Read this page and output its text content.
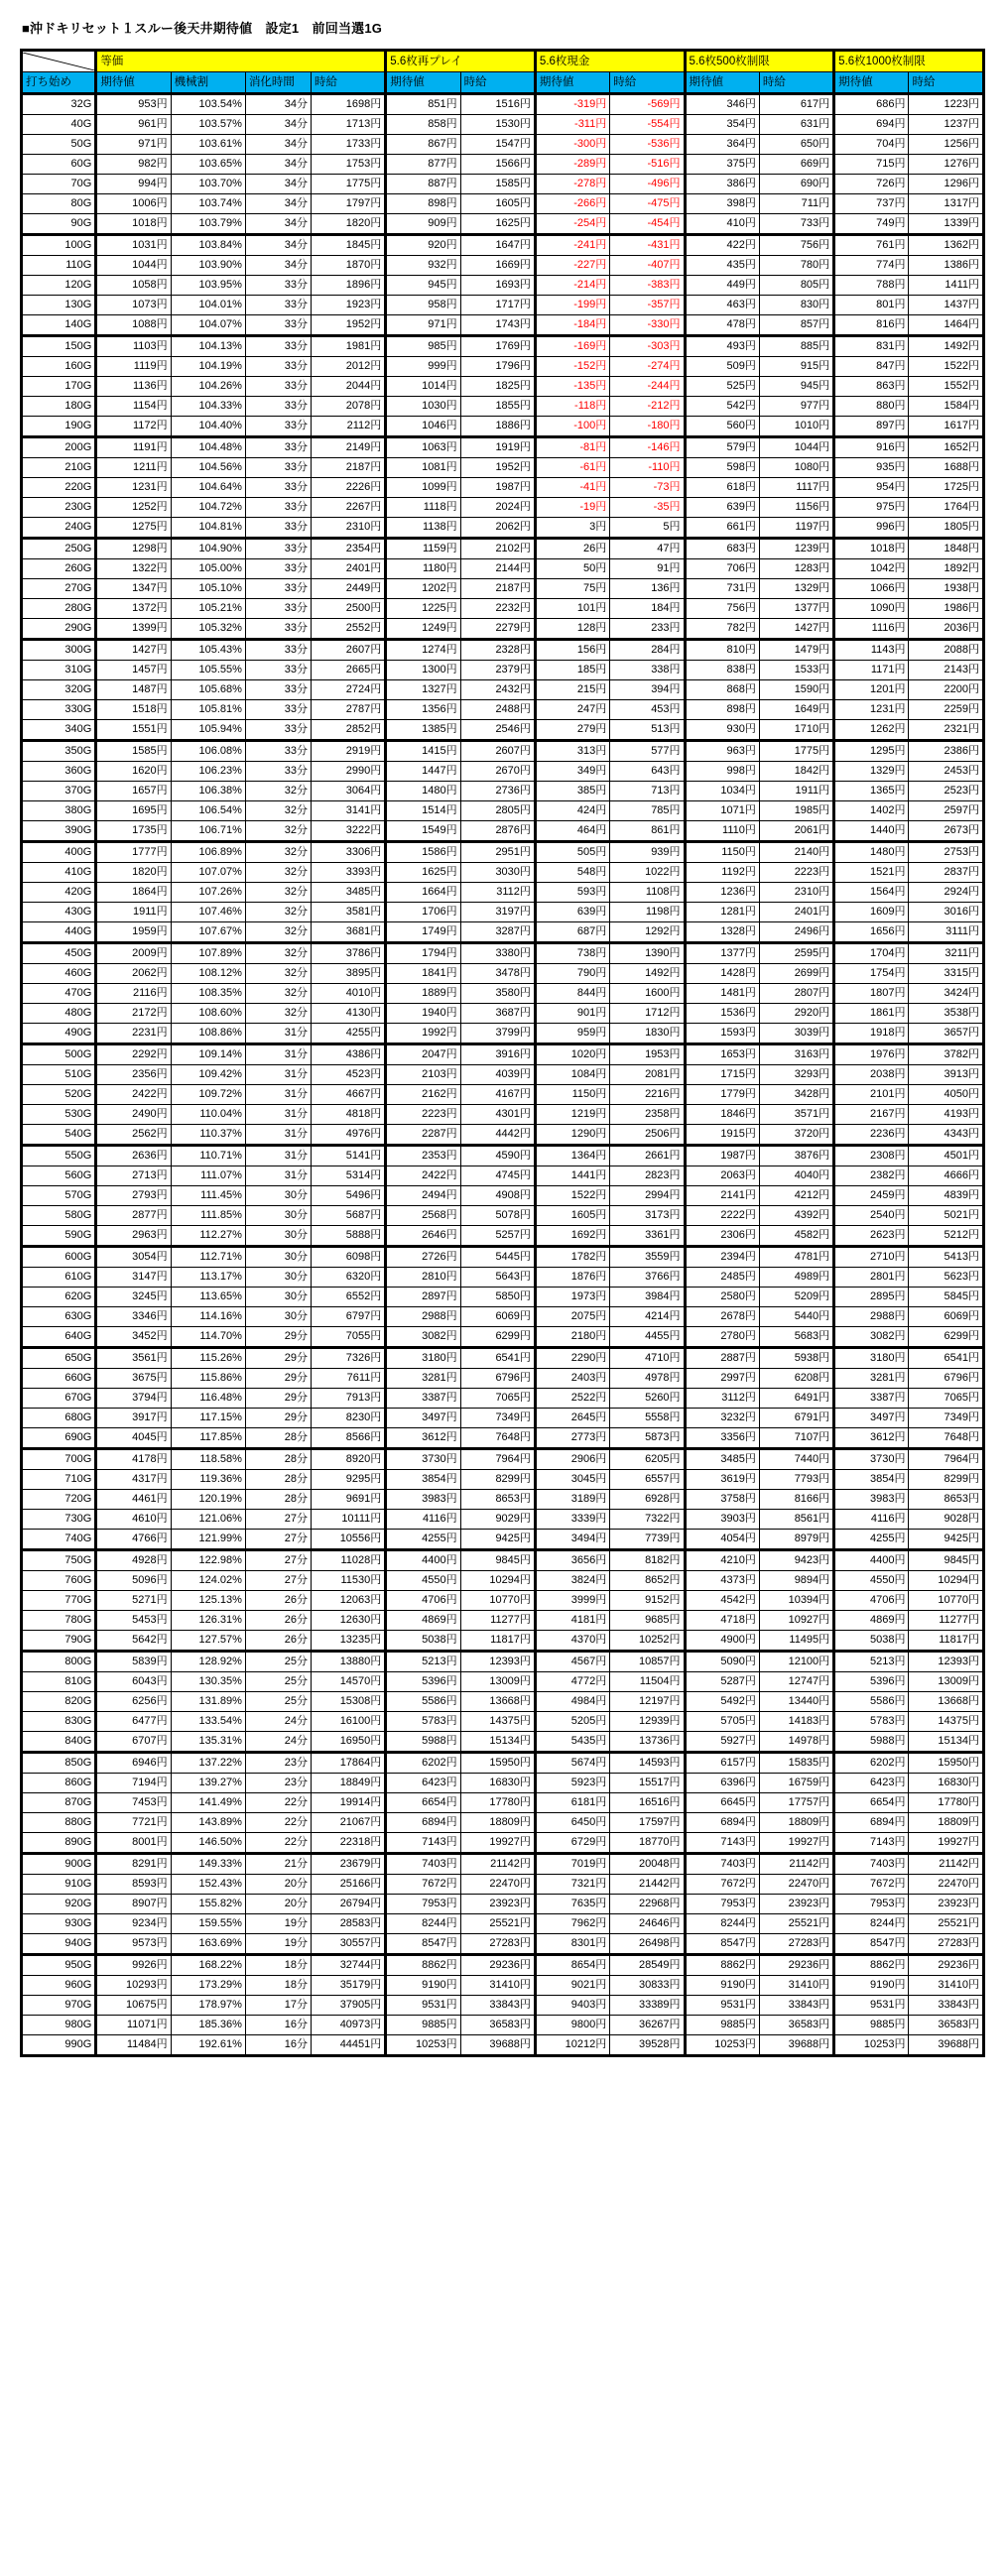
■沖ドキリセット１スルー後天井期待値　設定1　前回当選1G
	等価				5.6枚再プレイ		5.6枚現金		5.6枚500枚制限		5.6枚1000枚制限	
打ち始め	期待値	機械割	消化時間	時給	期待値	時給	期待値	時給	期待値	時給	期待値	時給
32G	953円	103.54%	34分	1698円	851円	1516円	-319円	-569円	346円	617円	686円	1223円
40G	961円	103.57%	34分	1713円	858円	1530円	-311円	-554円	354円	631円	694円	1237円
50G	971円	103.61%	34分	1733円	867円	1547円	-300円	-536円	364円	650円	704円	1256円
60G	982円	103.65%	34分	1753円	877円	1566円	-289円	-516円	375円	669円	715円	1276円
70G	994円	103.70%	34分	1775円	887円	1585円	-278円	-496円	386円	690円	726円	1296円
80G	1006円	103.74%	34分	1797円	898円	1605円	-266円	-475円	398円	711円	737円	1317円
90G	1018円	103.79%	34分	1820円	909円	1625円	-254円	-454円	410円	733円	749円	1339円
100G	1031円	103.84%	34分	1845円	920円	1647円	-241円	-431円	422円	756円	761円	1362円
110G	1044円	103.90%	34分	1870円	932円	1669円	-227円	-407円	435円	780円	774円	1386円
120G	1058円	103.95%	33分	1896円	945円	1693円	-214円	-383円	449円	805円	788円	1411円
130G	1073円	104.01%	33分	1923円	958円	1717円	-199円	-357円	463円	830円	801円	1437円
140G	1088円	104.07%	33分	1952円	971円	1743円	-184円	-330円	478円	857円	816円	1464円
150G	1103円	104.13%	33分	1981円	985円	1769円	-169円	-303円	493円	885円	831円	1492円
160G	1119円	104.19%	33分	2012円	999円	1796円	-152円	-274円	509円	915円	847円	1522円
170G	1136円	104.26%	33分	2044円	1014円	1825円	-135円	-244円	525円	945円	863円	1552円
180G	1154円	104.33%	33分	2078円	1030円	1855円	-118円	-212円	542円	977円	880円	1584円
190G	1172円	104.40%	33分	2112円	1046円	1886円	-100円	-180円	560円	1010円	897円	1617円
200G	1191円	104.48%	33分	2149円	1063円	1919円	-81円	-146円	579円	1044円	916円	1652円
210G	1211円	104.56%	33分	2187円	1081円	1952円	-61円	-110円	598円	1080円	935円	1688円
220G	1231円	104.64%	33分	2226円	1099円	1987円	-41円	-73円	618円	1117円	954円	1725円
230G	1252円	104.72%	33分	2267円	1118円	2024円	-19円	-35円	639円	1156円	975円	1764円
240G	1275円	104.81%	33分	2310円	1138円	2062円	3円	5円	661円	1197円	996円	1805円
250G	1298円	104.90%	33分	2354円	1159円	2102円	26円	47円	683円	1239円	1018円	1848円
260G	1322円	105.00%	33分	2401円	1180円	2144円	50円	91円	706円	1283円	1042円	1892円
270G	1347円	105.10%	33分	2449円	1202円	2187円	75円	136円	731円	1329円	1066円	1938円
280G	1372円	105.21%	33分	2500円	1225円	2232円	101円	184円	756円	1377円	1090円	1986円
290G	1399円	105.32%	33分	2552円	1249円	2279円	128円	233円	782円	1427円	1116円	2036円
300G	1427円	105.43%	33分	2607円	1274円	2328円	156円	284円	810円	1479円	1143円	2088円
310G	1457円	105.55%	33分	2665円	1300円	2379円	185円	338円	838円	1533円	1171円	2143円
320G	1487円	105.68%	33分	2724円	1327円	2432円	215円	394円	868円	1590円	1201円	2200円
330G	1518円	105.81%	33分	2787円	1356円	2488円	247円	453円	898円	1649円	1231円	2259円
340G	1551円	105.94%	33分	2852円	1385円	2546円	279円	513円	930円	1710円	1262円	2321円
350G	1585円	106.08%	33分	2919円	1415円	2607円	313円	577円	963円	1775円	1295円	2386円
360G	1620円	106.23%	33分	2990円	1447円	2670円	349円	643円	998円	1842円	1329円	2453円
370G	1657円	106.38%	32分	3064円	1480円	2736円	385円	713円	1034円	1911円	1365円	2523円
380G	1695円	106.54%	32分	3141円	1514円	2805円	424円	785円	1071円	1985円	1402円	2597円
390G	1735円	106.71%	32分	3222円	1549円	2876円	464円	861円	1110円	2061円	1440円	2673円
400G	1777円	106.89%	32分	3306円	1586円	2951円	505円	939円	1150円	2140円	1480円	2753円
410G	1820円	107.07%	32分	3393円	1625円	3030円	548円	1022円	1192円	2223円	1521円	2837円
420G	1864円	107.26%	32分	3485円	1664円	3112円	593円	1108円	1236円	2310円	1564円	2924円
430G	1911円	107.46%	32分	3581円	1706円	3197円	639円	1198円	1281円	2401円	1609円	3016円
440G	1959円	107.67%	32分	3681円	1749円	3287円	687円	1292円	1328円	2496円	1656円	3111円
450G	2009円	107.89%	32分	3786円	1794円	3380円	738円	1390円	1377円	2595円	1704円	3211円
460G	2062円	108.12%	32分	3895円	1841円	3478円	790円	1492円	1428円	2699円	1754円	3315円
470G	2116円	108.35%	32分	4010円	1889円	3580円	844円	1600円	1481円	2807円	1807円	3424円
480G	2172円	108.60%	32分	4130円	1940円	3687円	901円	1712円	1536円	2920円	1861円	3538円
490G	2231円	108.86%	31分	4255円	1992円	3799円	959円	1830円	1593円	3039円	1918円	3657円
500G	2292円	109.14%	31分	4386円	2047円	3916円	1020円	1953円	1653円	3163円	1976円	3782円
510G	2356円	109.42%	31分	4523円	2103円	4039円	1084円	2081円	1715円	3293円	2038円	3913円
520G	2422円	109.72%	31分	4667円	2162円	4167円	1150円	2216円	1779円	3428円	2101円	4050円
530G	2490円	110.04%	31分	4818円	2223円	4301円	1219円	2358円	1846円	3571円	2167円	4193円
540G	2562円	110.37%	31分	4976円	2287円	4442円	1290円	2506円	1915円	3720円	2236円	4343円
550G	2636円	110.71%	31分	5141円	2353円	4590円	1364円	2661円	1987円	3876円	2308円	4501円
560G	2713円	111.07%	31分	5314円	2422円	4745円	1441円	2823円	2063円	4040円	2382円	4666円
570G	2793円	111.45%	30分	5496円	2494円	4908円	1522円	2994円	2141円	4212円	2459円	4839円
580G	2877円	111.85%	30分	5687円	2568円	5078円	1605円	3173円	2222円	4392円	2540円	5021円
590G	2963円	112.27%	30分	5888円	2646円	5257円	1692円	3361円	2306円	4582円	2623円	5212円
600G	3054円	112.71%	30分	6098円	2726円	5445円	1782円	3559円	2394円	4781円	2710円	5413円
610G	3147円	113.17%	30分	6320円	2810円	5643円	1876円	3766円	2485円	4989円	2801円	5623円
620G	3245円	113.65%	30分	6552円	2897円	5850円	1973円	3984円	2580円	5209円	2895円	5845円
630G	3346円	114.16%	30分	6797円	2988円	6069円	2075円	4214円	2678円	5440円	2988円	6069円
640G	3452円	114.70%	29分	7055円	3082円	6299円	2180円	4455円	2780円	5683円	3082円	6299円
650G	3561円	115.26%	29分	7326円	3180円	6541円	2290円	4710円	2887円	5938円	3180円	6541円
660G	3675円	115.86%	29分	7611円	3281円	6796円	2403円	4978円	2997円	6208円	3281円	6796円
670G	3794円	116.48%	29分	7913円	3387円	7065円	2522円	5260円	3112円	6491円	3387円	7065円
680G	3917円	117.15%	29分	8230円	3497円	7349円	2645円	5558円	3232円	6791円	3497円	7349円
690G	4045円	117.85%	28分	8566円	3612円	7648円	2773円	5873円	3356円	7107円	3612円	7648円
700G	4178円	118.58%	28分	8920円	3730円	7964円	2906円	6205円	3485円	7440円	3730円	7964円
710G	4317円	119.36%	28分	9295円	3854円	8299円	3045円	6557円	3619円	7793円	3854円	8299円
720G	4461円	120.19%	28分	9691円	3983円	8653円	3189円	6928円	3758円	8166円	3983円	8653円
730G	4610円	121.06%	27分	10111円	4116円	9029円	3339円	7322円	3903円	8561円	4116円	9028円
740G	4766円	121.99%	27分	10556円	4255円	9425円	3494円	7739円	4054円	8979円	4255円	9425円
750G	4928円	122.98%	27分	11028円	4400円	9845円	3656円	8182円	4210円	9423円	4400円	9845円
760G	5096円	124.02%	27分	11530円	4550円	10294円	3824円	8652円	4373円	9894円	4550円	10294円
770G	5271円	125.13%	26分	12063円	4706円	10770円	3999円	9152円	4542円	10394円	4706円	10770円
780G	5453円	126.31%	26分	12630円	4869円	11277円	4181円	9685円	4718円	10927円	4869円	11277円
790G	5642円	127.57%	26分	13235円	5038円	11817円	4370円	10252円	4900円	11495円	5038円	11817円
800G	5839円	128.92%	25分	13880円	5213円	12393円	4567円	10857円	5090円	12100円	5213円	12393円
810G	6043円	130.35%	25分	14570円	5396円	13009円	4772円	11504円	5287円	12747円	5396円	13009円
820G	6256円	131.89%	25分	15308円	5586円	13668円	4984円	12197円	5492円	13440円	5586円	13668円
830G	6477円	133.54%	24分	16100円	5783円	14375円	5205円	12939円	5705円	14183円	5783円	14375円
840G	6707円	135.31%	24分	16950円	5988円	15134円	5435円	13736円	5927円	14978円	5988円	15134円
850G	6946円	137.22%	23分	17864円	6202円	15950円	5674円	14593円	6157円	15835円	6202円	15950円
860G	7194円	139.27%	23分	18849円	6423円	16830円	5923円	15517円	6396円	16759円	6423円	16830円
870G	7453円	141.49%	22分	19914円	6654円	17780円	6181円	16516円	6645円	17757円	6654円	17780円
880G	7721円	143.89%	22分	21067円	6894円	18809円	6450円	17597円	6894円	18809円	6894円	18809円
890G	8001円	146.50%	22分	22318円	7143円	19927円	6729円	18770円	7143円	19927円	7143円	19927円
900G	8291円	149.33%	21分	23679円	7403円	21142円	7019円	20048円	7403円	21142円	7403円	21142円
910G	8593円	152.43%	20分	25166円	7672円	22470円	7321円	21442円	7672円	22470円	7672円	22470円
920G	8907円	155.82%	20分	26794円	7953円	23923円	7635円	22968円	7953円	23923円	7953円	23923円
930G	9234円	159.55%	19分	28583円	8244円	25521円	7962円	24646円	8244円	25521円	8244円	25521円
940G	9573円	163.69%	19分	30557円	8547円	27283円	8301円	26498円	8547円	27283円	8547円	27283円
950G	9926円	168.22%	18分	32744円	8862円	29236円	8654円	28549円	8862円	29236円	8862円	29236円
960G	10293円	173.29%	18分	35179円	9190円	31410円	9021円	30833円	9190円	31410円	9190円	31410円
970G	10675円	178.97%	17分	37905円	9531円	33843円	9403円	33389円	9531円	33843円	9531円	33843円
980G	11071円	185.36%	16分	40973円	9885円	36583円	9800円	36267円	9885円	36583円	9885円	36583円
990G	11484円	192.61%	16分	44451円	10253円	39688円	10212円	39528円	10253円	39688円	10253円	39688円
